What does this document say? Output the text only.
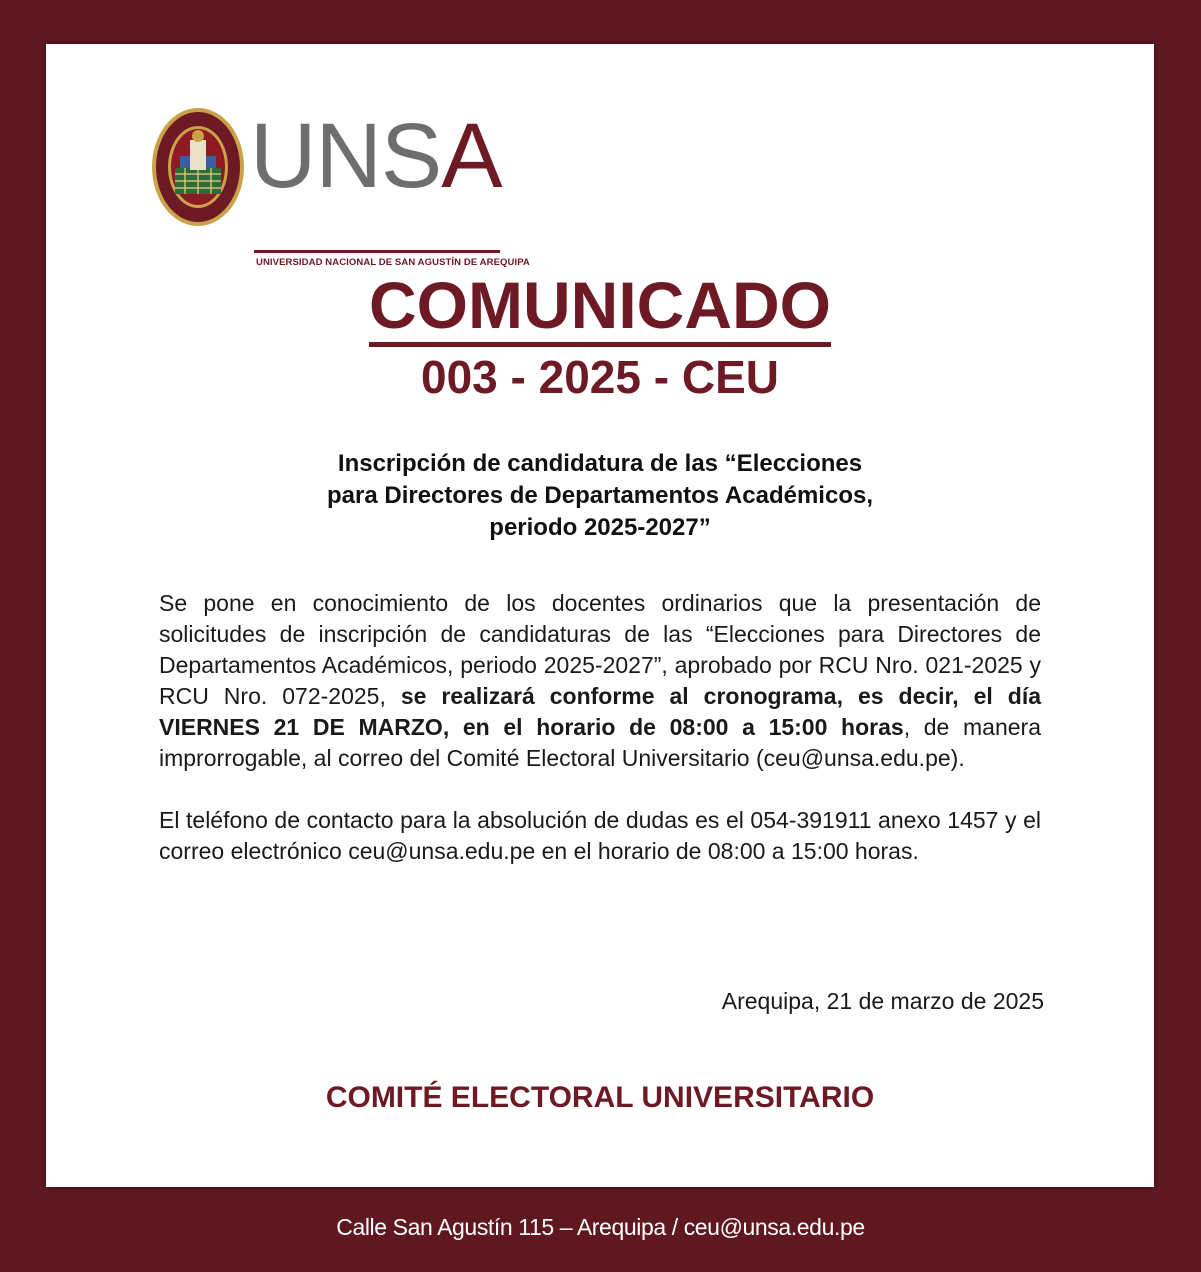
UNSA
UNIVERSIDAD NACIONAL DE SAN AGUSTÍN DE AREQUIPA
COMUNICADO
003 - 2025 - CEU
Inscripción de candidatura de las “Elecciones
para Directores de Departamentos Académicos,
periodo 2025-2027”

Se pone en conocimiento de los docentes ordinarios que la presentación de solicitudes de inscripción de candidaturas de las “Elecciones para Directores de Departamentos Académicos, periodo 2025-2027”, aprobado por RCU Nro. 021-2025 y RCU Nro. 072-2025, se realizará conforme al cronograma, es decir, el día VIERNES 21 DE MARZO, en el horario de 08:00 a 15:00 horas, de manera improrrogable, al correo del Comité Electoral Universitario (ceu@unsa.edu.pe).

El teléfono de contacto para la absolución de dudas es el 054-391911 anexo 1457 y el correo electrónico ceu@unsa.edu.pe en el horario de 08:00 a 15:00 horas.

Arequipa, 21 de marzo de 2025
COMITÉ ELECTORAL UNIVERSITARIO
Calle San Agustín 115 – Arequipa / ceu@unsa.edu.pe
